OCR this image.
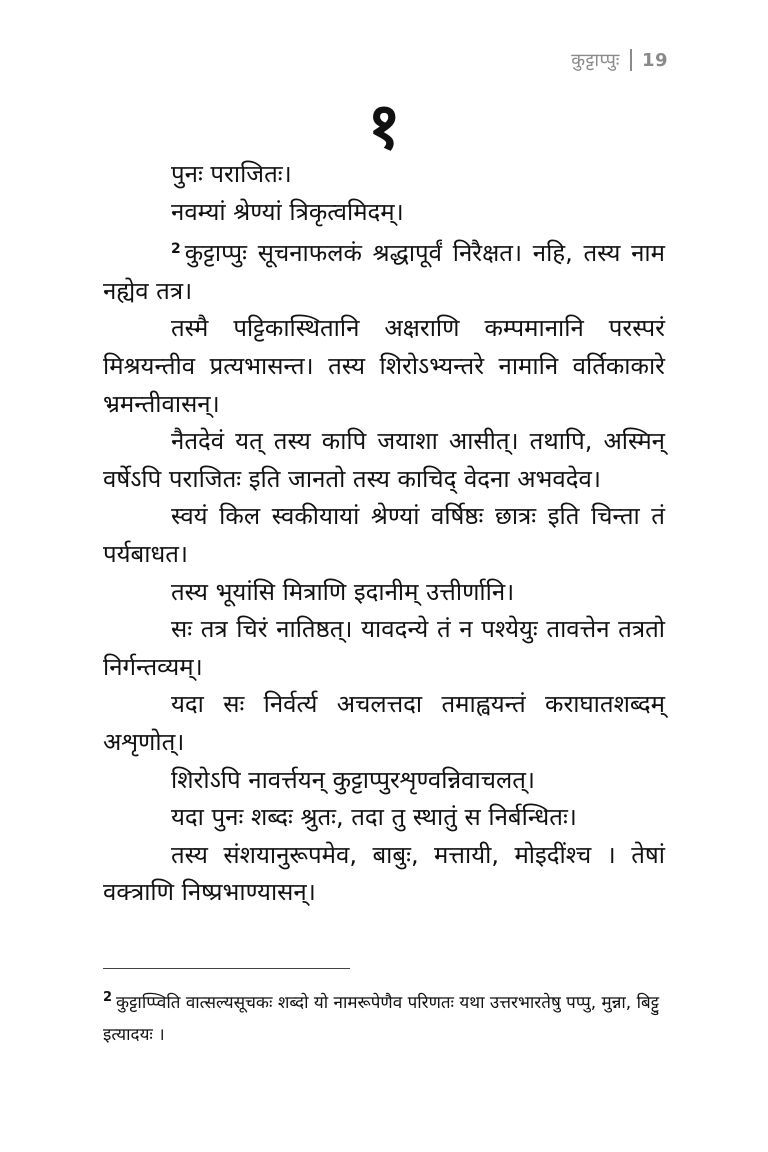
कुट्टाप्पुः 19
१

पुनः पराजितः।

नवम्यां श्रेण्यां त्रिकृत्वमिदम्।

$^2$ कुट्टाप्पुः सूचनाफलकं श्रद्धापूर्वं निरैक्षत। नहि, तस्य नाम नह्येव तत्र।

तस्मै पट्टिकास्थितानि अक्षराणि कम्पमानानि परस्परं मिश्रयन्तीव प्रत्यभासन्त। तस्य शिरोऽभ्यन्तरे नामानि वर्तिकाकारे भ्रमन्तीवासन्।

नैतदेवं यत् तस्य कापि जयाशा आसीत्। तथापि, अस्मिन् वर्षेऽपि पराजितः इति जानतो तस्य काचिद् वेदना अभवदेव।

स्वयं किल स्वकीयायां श्रेण्यां वर्षिष्ठः छात्रः इति चिन्ता तं पर्यबाधत।

तस्य भूयांसि मित्राणि इदानीम् उत्तीर्णानि।

सः तत्र चिरं नातिष्ठत्। यावदन्ये तं न पश्येयुः तावत्तेन तत्रतो निर्गन्तव्यम्।

यदा सः निर्वर्त्य अचलत्तदा तमाह्वयन्तं कराघातशब्दम् अशृणोत्।

शिरोऽपि नावर्त्तयन् कुट्टाप्पुरशृण्वन्निवाचलत्।

यदा पुनः शब्दः श्रुतः, तदा तु स्थातुं स निर्बन्धितः।

तस्य संशयानुरूपमेव, बाबुः, मत्तायी, मोइदींश्च । तेषां वक्त्राणि निष्प्रभाण्यासन्।

$^2$ कुट्टाप्प्विति वात्सल्यसूचकः शब्दो यो नामरूपेणैव परिणतः यथा उत्तरभारतेषु पप्पु, मुन्ना, बिट्टु इत्यादयः ।
